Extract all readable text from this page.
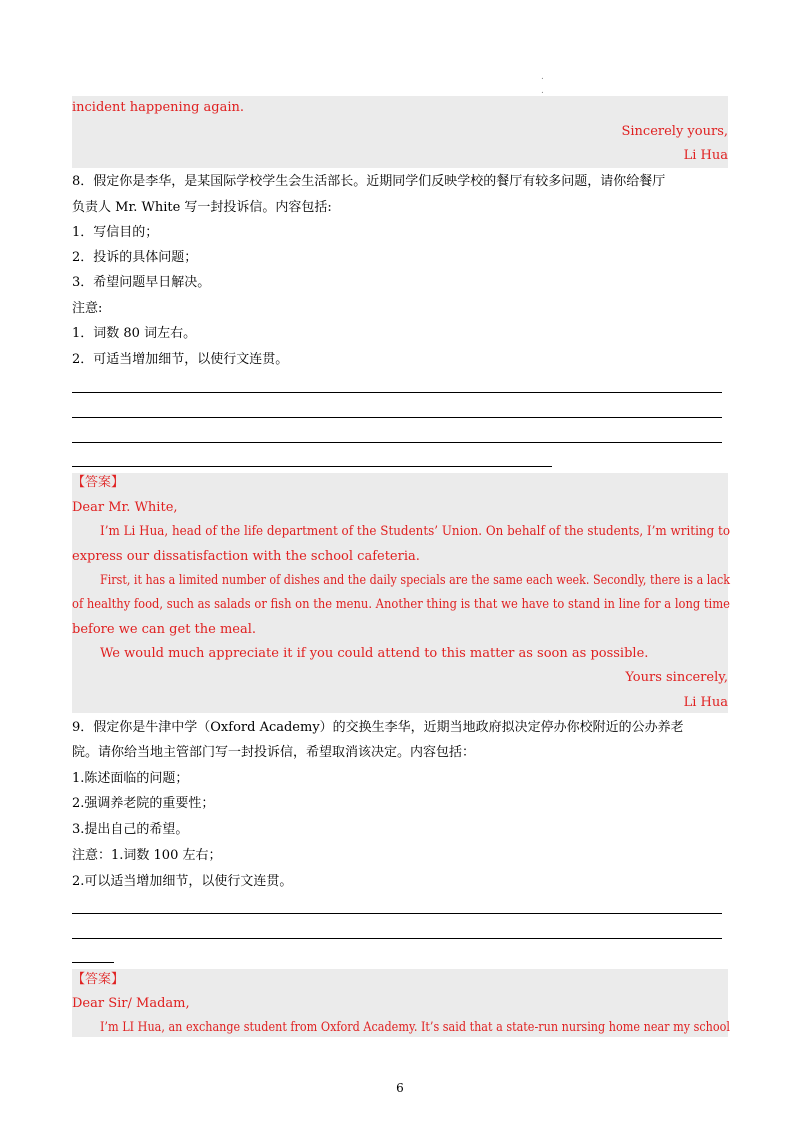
.
.
incident happening again.
Sincerely yours,
Li Hua
8．假定你是李华，是某国际学校学生会生活部长。近期同学们反映学校的餐厅有较多问题，请你给餐厅
负责人 Mr. White 写一封投诉信。内容包括:
1．写信目的；
2．投诉的具体问题；
3．希望问题早日解决。
注意:
1．词数 80 词左右。
2．可适当增加细节，以使行文连贯。
【答案】
Dear Mr. White,
I’m Li Hua, head of the life department of the Students’ Union. On behalf of the students, I’m writing to
express our dissatisfaction with the school cafeteria.
First, it has a limited number of dishes and the daily specials are the same each week. Secondly, there is a lack
of healthy food, such as salads or fish on the menu. Another thing is that we have to stand in line for a long time
before we can get the meal.
We would much appreciate it if you could attend to this matter as soon as possible.
Yours sincerely,
Li Hua
9．假定你是牛津中学（Oxford Academy）的交换生李华，近期当地政府拟决定停办你校附近的公办养老
院。请你给当地主管部门写一封投诉信，希望取消该决定。内容包括：
1.陈述面临的问题；
2.强调养老院的重要性；
3.提出自己的希望。
注意：1.词数 100 左右；
2.可以适当增加细节，以使行文连贯。
【答案】
Dear Sir/ Madam,
I’m LI Hua, an exchange student from Oxford Academy. It’s said that a state-run nursing home near my school
6
